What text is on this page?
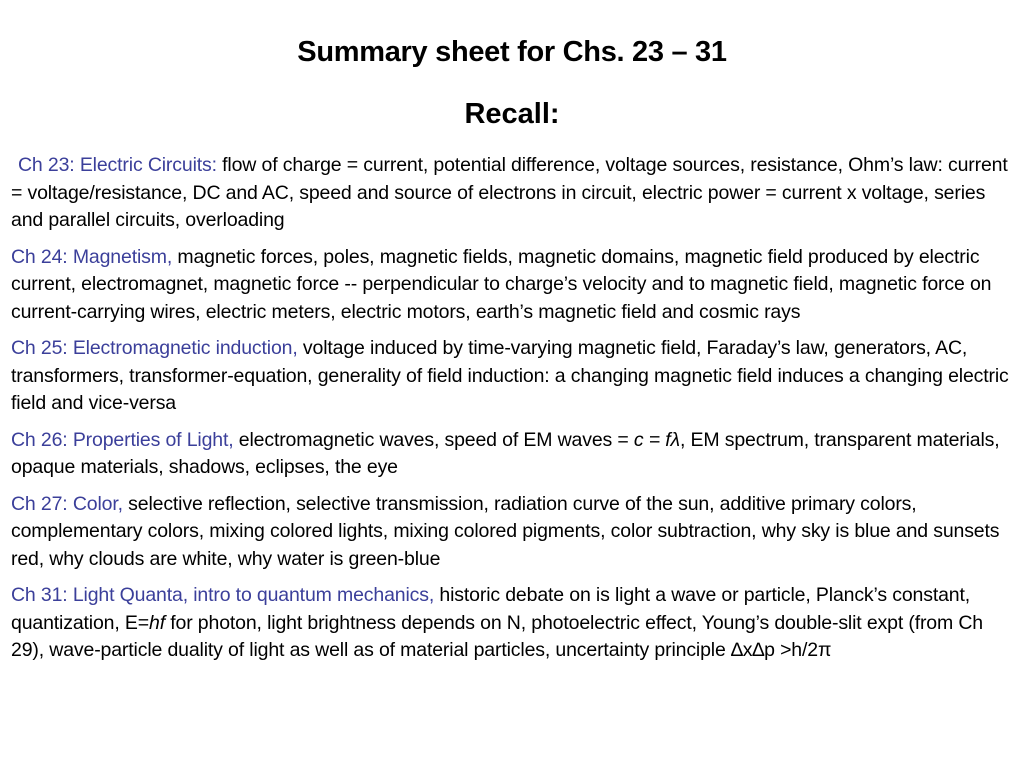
Summary sheet for Chs. 23 – 31
Recall:

Ch 23: Electric Circuits: flow of charge = current, potential difference, voltage sources, resistance, Ohm’s law: current = voltage/resistance, DC and AC, speed and source of electrons in circuit, electric power = current x voltage, series and parallel circuits, overloading

Ch 24: Magnetism, magnetic forces, poles, magnetic fields, magnetic domains, magnetic field produced by electric current, electromagnet, magnetic force -- perpendicular to charge’s velocity and to magnetic field, magnetic force on current-carrying wires, electric meters, electric motors, earth’s magnetic field and cosmic rays

Ch 25: Electromagnetic induction, voltage induced by time-varying magnetic field, Faraday’s law, generators, AC, transformers, transformer-equation, generality of field induction: a changing magnetic field induces a changing electric field and vice-versa

Ch 26: Properties of Light, electromagnetic waves, speed of EM waves = c = fλ, EM spectrum, transparent materials, opaque materials, shadows, eclipses, the eye

Ch 27: Color, selective reflection, selective transmission, radiation curve of the sun, additive primary colors, complementary colors, mixing colored lights, mixing colored pigments, color subtraction, why sky is blue and sunsets red, why clouds are white, why water is green-blue

Ch 31: Light Quanta, intro to quantum mechanics, historic debate on is light a wave or particle, Planck’s constant, quantization, E=hf for photon, light brightness depends on N, photoelectric effect, Young’s double-slit expt (from Ch 29), wave-particle duality of light as well as of material particles, uncertainty principle ∆x∆p >h/2π
